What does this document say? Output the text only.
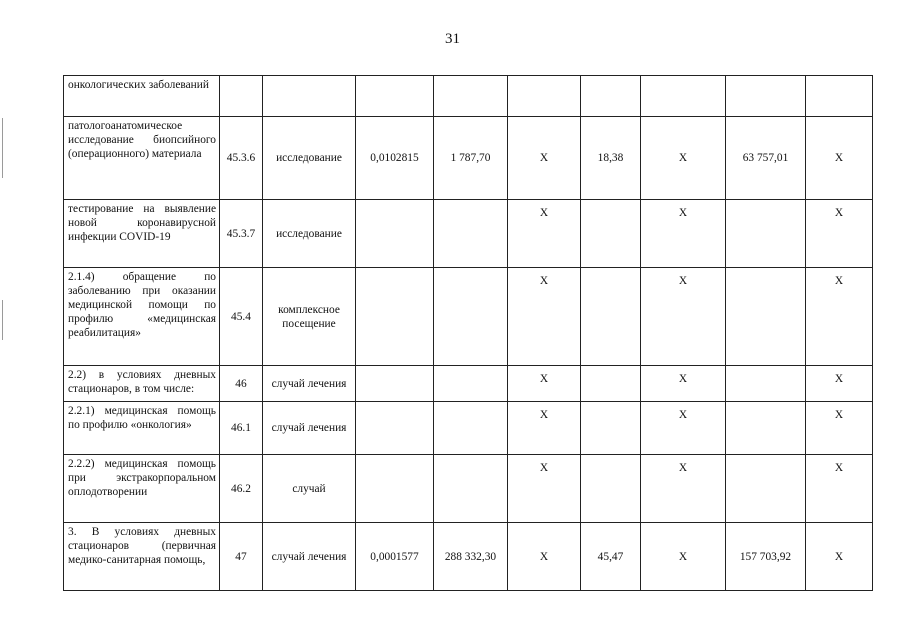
31
онкологических заболеваний									
патологоанатомическое исследование биопсийного (операционного) материала	45.3.6	исследование	0,0102815	1 787,70	Х	18,38	Х	63 757,01	Х
тестирование на выявление новой коронавирусной инфекции COVID-19	45.3.7	исследование			Х		Х		Х
2.1.4) обращение по заболеванию при оказании медицинской помощи по профилю «медицинская реабилитация»	45.4	комплексное посещение			Х		Х		Х
2.2) в условиях дневных стационаров, в том числе:	46	случай лечения			Х		Х		Х
2.2.1) медицинская помощь по профилю «онкология»	46.1	случай лечения			Х		Х		Х
2.2.2) медицинская помощь при экстракорпоральном оплодотворении	46.2	случай			Х		Х		Х
3. В условиях дневных стационаров (первичная медико-санитарная помощь,	47	случай лечения	0,0001577	288 332,30	Х	45,47	Х	157 703,92	Х
